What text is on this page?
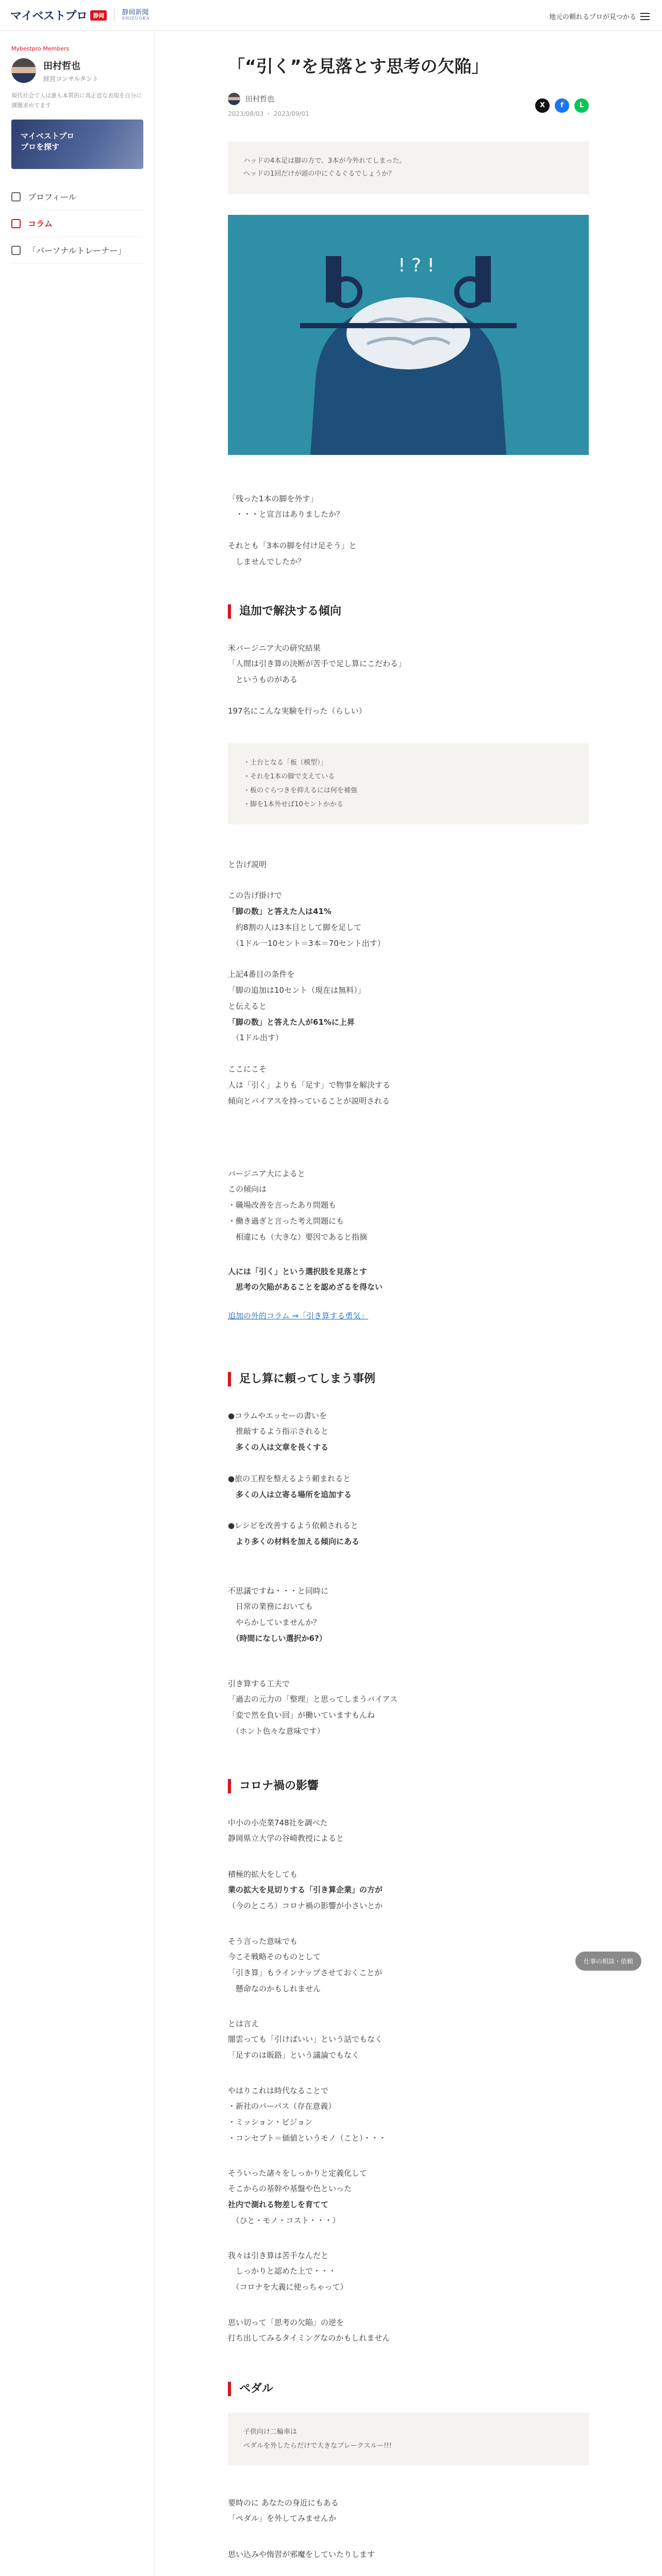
マイベストプロ	静岡	静岡新聞
SHIZUOKA	地元の頼れるプロが見つかる
Mybestpro Members
田村哲也
経営コンサルタント
現代社会で人は誰も本質的に真正直な表現を自分に課題求めてます
マイベストプロ
プロを探す
プロフィール
コラム
「パーソナルトレーナー」
「“引く”を見落とす思考の欠陥」
田村哲也
2023/08/03 ・ 2023/09/01
X	f	L
ハッドの4本足は脚の方で、3本が今外れてしまった。
ヘッドの1回だけが頭の中にぐるぐるでしょうか？
! ? !
「残った1本の脚を外す」
　・・・と宣言はありましたか？
それとも「3本の脚を付け足そう」と
　しませんでしたか？
追加で解決する傾向
米バージニア大の研究結果
「人間は引き算の決断が苦手で足し算にこだわる」
　というものがある
197名にこんな実験を行った（らしい）
・土台となる「板（模型）」
・それを1本の脚で支えている
・板のぐらつきを抑えるには何を補強
・脚を1本外せば10セントかかる
と告げ説明
この告げ掛けで
「脚の数」と答えた人は41%
　約8割の人は3本目として脚を足して
　（1ドル一10セント＝3本＝70セント出す）
上記4番目の条件を
「脚の追加は10セント（現在は無料）」
と伝えると
「脚の数」と答えた人が61%に上昇
　（1ドル出す）
ここにこそ
人は「引く」よりも「足す」で物事を解決する
傾向とバイアスを持っていることが説明される
バージニア大によると
この傾向は
・職場改善を言ったあり問題も
・働き過ぎと言った考え問題にも
　相違にも（大きな）要因であると指摘
人には「引く」という選択肢を見落とす
　思考の欠陥があることを認めざるを得ない
追加の外的コラム ⇒「引き算する勇気」
足し算に頼ってしまう事例
●コラムやエッセーの書いを
　推敲するよう指示されると
　多くの人は文章を長くする
●旅の工程を整えるよう頼まれると
　多くの人は立寄る場所を追加する
●レシピを改善するよう依頼されると
　より多くの材料を加える傾向にある
不思議ですね・・・と同時に
　日常の業務においても
　やらかしていませんか？
　（時間になしい選択か6?）
引き算する工夫で
「過去の元力の「整理」と思ってしまうバイアス
「変で然を負い回」が働いていますもんね
　（ホント色々な意味です）
コロナ禍の影響
中小の小売業748社を調べた
静岡県立大学の谷崎教授によると
積極的拡大をしても
業の拡大を見切りする「引き算企業」の方が
（今のところ）コロナ禍の影響が小さいとか
そう言った意味でも
今こそ戦略そのものとして
「引き算」もラインナップさせておくことが
　懸命なのかもしれません
とは言え
闇雲っても「引けばいい」という話でもなく
「足すのは販路」という議論でもなく
やはりこれは時代なることで
・新社のパーパス（存在意義）
・ミッション・ビジョン
・コンセプト＝価値というモノ（こと）・・・
そういった諸々をしっかりと定義化して
そこからの基幹や基盤や色といった
社内で測れる物差しを育てて
　（ひと・モノ・コスト・・・）
我々は引き算は苦手なんだと
　しっかりと認めた上で・・・
　（コロナを大義に使っちゃって）
思い切って「思考の欠陥」の逆を
打ち出してみるタイミングなのかもしれません
ペダル
子供向け二輪車は
ペダルを外したらだけで大きなブレークスルー!!!
要時のに あなたの身近にもある
「ペダル」を外してみませんか
思い込みや惰習が邪魔をしていたりします
仕事の相談・依頼
